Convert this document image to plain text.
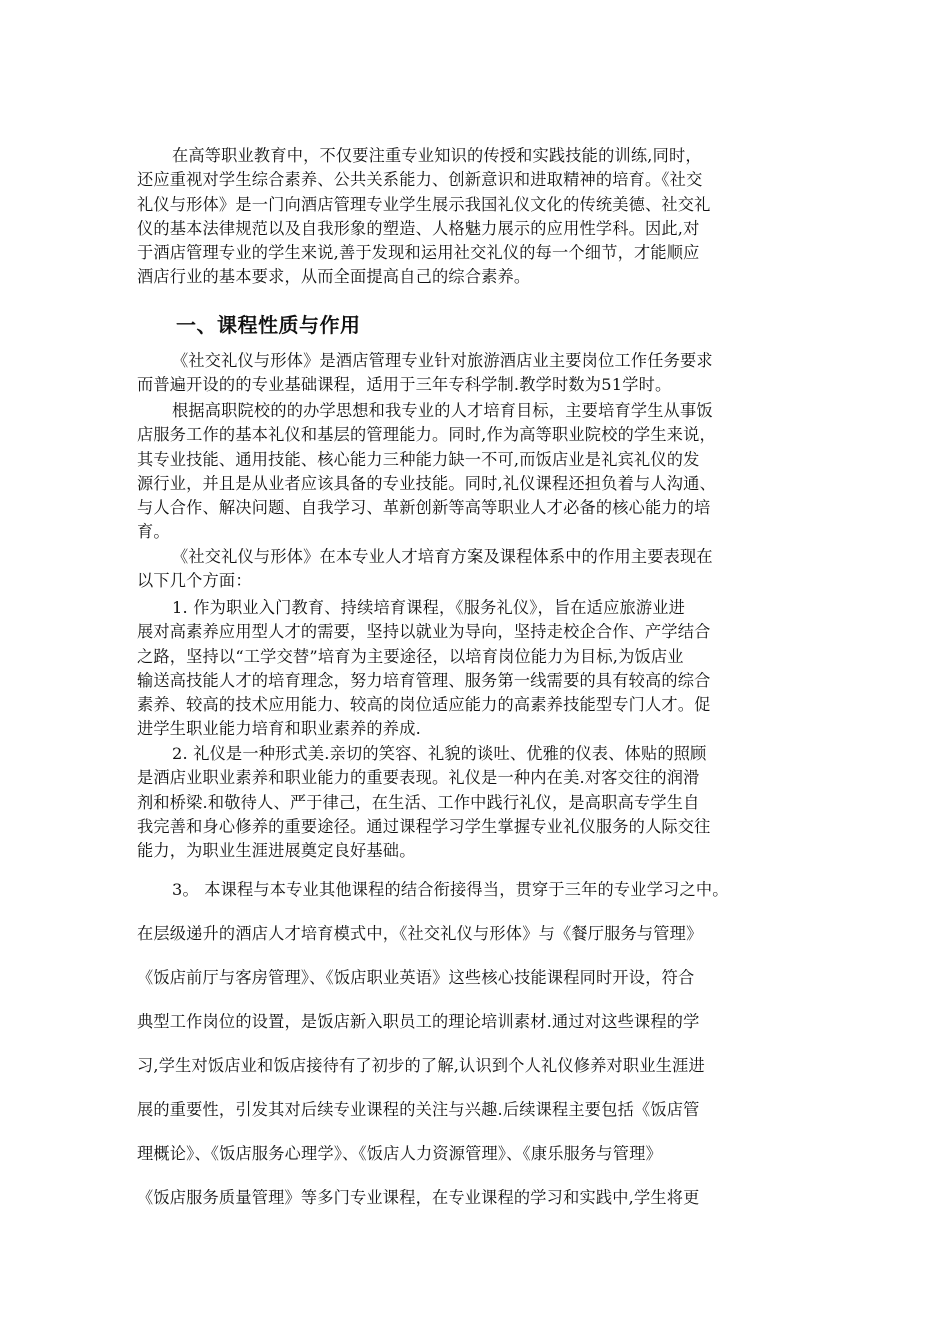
在高等职业教育中，不仅要注重专业知识的传授和实践技能的训练,同时，
还应重视对学生综合素养、公共关系能力、创新意识和进取精神的培育。《社交
礼仪与形体》是一门向酒店管理专业学生展示我国礼仪文化的传统美德、社交礼
仪的基本法律规范以及自我形象的塑造、人格魅力展示的应用性学科。因此,对
于酒店管理专业的学生来说,善于发现和运用社交礼仪的每一个细节，才能顺应
酒店行业的基本要求，从而全面提高自己的综合素养。
一、课程性质与作用
《社交礼仪与形体》是酒店管理专业针对旅游酒店业主要岗位工作任务要求
而普遍开设的的专业基础课程，适用于三年专科学制.教学时数为51学时。
根据高职院校的的办学思想和我专业的人才培育目标，主要培育学生从事饭
店服务工作的基本礼仪和基层的管理能力。同时,作为高等职业院校的学生来说，
其专业技能、通用技能、核心能力三种能力缺一不可,而饭店业是礼宾礼仪的发
源行业，并且是从业者应该具备的专业技能。同时,礼仪课程还担负着与人沟通、
与人合作、解决问题、自我学习、革新创新等高等职业人才必备的核心能力的培
育。
《社交礼仪与形体》在本专业人才培育方案及课程体系中的作用主要表现在
以下几个方面：
1. 作为职业入门教育、持续培育课程，《服务礼仪》，旨在适应旅游业进
展对高素养应用型人才的需要，坚持以就业为导向，坚持走校企合作、产学结合
之路，坚持以“工学交替”培育为主要途径，以培育岗位能力为目标,为饭店业
输送高技能人才的培育理念，努力培育管理、服务第一线需要的具有较高的综合
素养、较高的技术应用能力、较高的岗位适应能力的高素养技能型专门人才。促
进学生职业能力培育和职业素养的养成.
2. 礼仪是一种形式美.亲切的笑容、礼貌的谈吐、优雅的仪表、体贴的照顾
是酒店业职业素养和职业能力的重要表现。礼仪是一种内在美.对客交往的润滑
剂和桥梁.和敬待人、严于律己，在生活、工作中践行礼仪，是高职高专学生自
我完善和身心修养的重要途径。通过课程学习学生掌握专业礼仪服务的人际交往
能力，为职业生涯进展奠定良好基础。
3。 本课程与本专业其他课程的结合衔接得当，贯穿于三年的专业学习之中。
在层级递升的酒店人才培育模式中，《社交礼仪与形体》与《餐厅服务与管理》
《饭店前厅与客房管理》、《饭店职业英语》这些核心技能课程同时开设，符合
典型工作岗位的设置，是饭店新入职员工的理论培训素材.通过对这些课程的学
习,学生对饭店业和饭店接待有了初步的了解,认识到个人礼仪修养对职业生涯进
展的重要性，引发其对后续专业课程的关注与兴趣.后续课程主要包括《饭店管
理概论》、《饭店服务心理学》、《饭店人力资源管理》、《康乐服务与管理》
《饭店服务质量管理》等多门专业课程，在专业课程的学习和实践中,学生将更
